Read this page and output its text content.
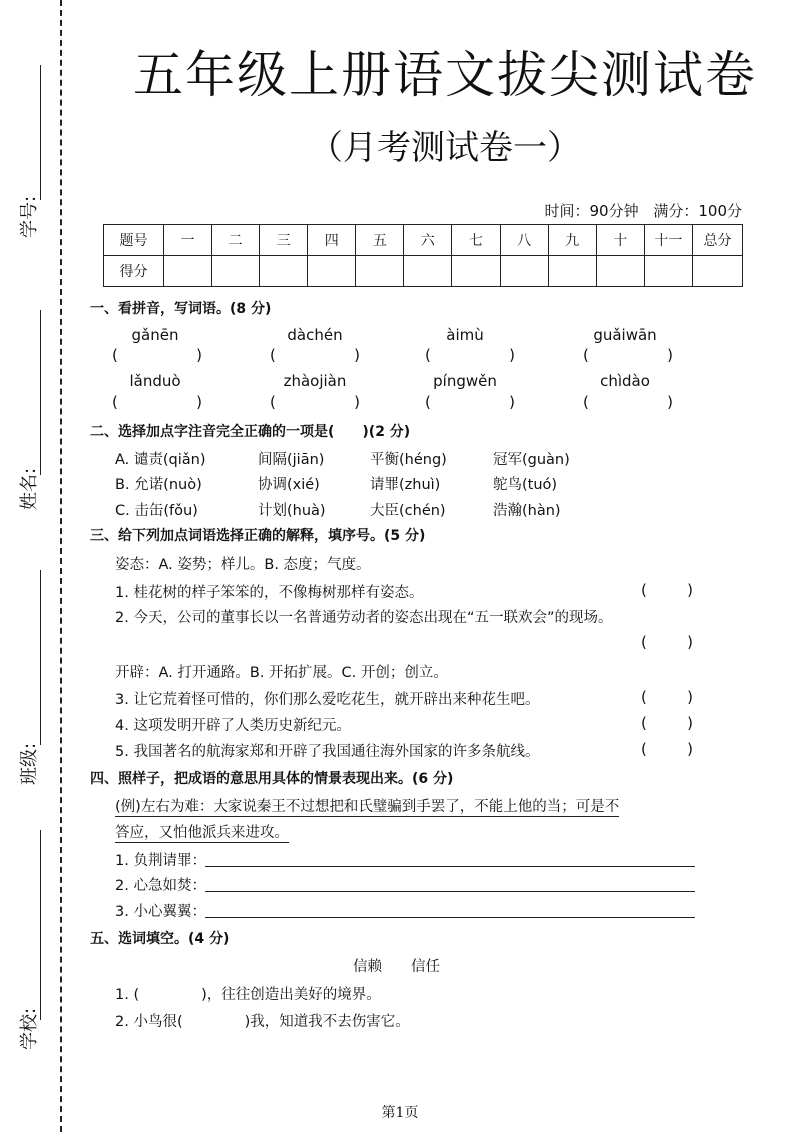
学号:
姓名:
班级:
学校:
五年级上册语文拔尖测试卷
（月考测试卷一）
时间：90分钟 满分：100分
题号	一	二	三	四	五	六	七	八	九	十	十一	总分
得分												
一、看拼音，写词语。(8 分)
gǎnēn	dàchén	àimù	guǎiwān
(	)	(	)	(	)	(	)
lǎnduò	zhàojiàn	píngwěn	chìdào
(	)	(	)	(	)	(	)
二、选择加点字注音完全正确的一项是(　　)(2 分)
A. 谴责(qiǎn)	间隔(jiān)	平衡(héng)	冠军(guàn)
B. 允诺(nuò)	协调(xié)	请罪(zhuì)	鸵鸟(tuó)
C. 击缶(fǒu)	计划(huà)	大臣(chén)	浩瀚(hàn)
三、给下列加点词语选择正确的解释，填序号。(5 分)
姿态：A. 姿势；样儿。B. 态度；气度。
1. 桂花树的样子笨笨的，不像梅树那样有姿态。	(	)
2. 今天，公司的董事长以一名普通劳动者的姿态出现在“五一联欢会”的现场。
(	)
开辟：A. 打开通路。B. 开拓扩展。C. 开创；创立。
3. 让它荒着怪可惜的，你们那么爱吃花生，就开辟出来种花生吧。	(	)
4. 这项发明开辟了人类历史新纪元。	(	)
5. 我国著名的航海家郑和开辟了我国通往海外国家的许多条航线。	(	)
四、照样子，把成语的意思用具体的情景表现出来。(6 分)
(例)左右为难：大家说秦王不过想把和氏璧骗到手罢了，不能上他的当；可是不
答应，又怕他派兵来进攻。
1. 负荆请罪：
2. 心急如焚：
3. 小心翼翼：
五、选词填空。(4 分)
信赖　　信任
1. (	)，往往创造出美好的境界。
2. 小鸟很(	)我，知道我不去伤害它。
第1页
